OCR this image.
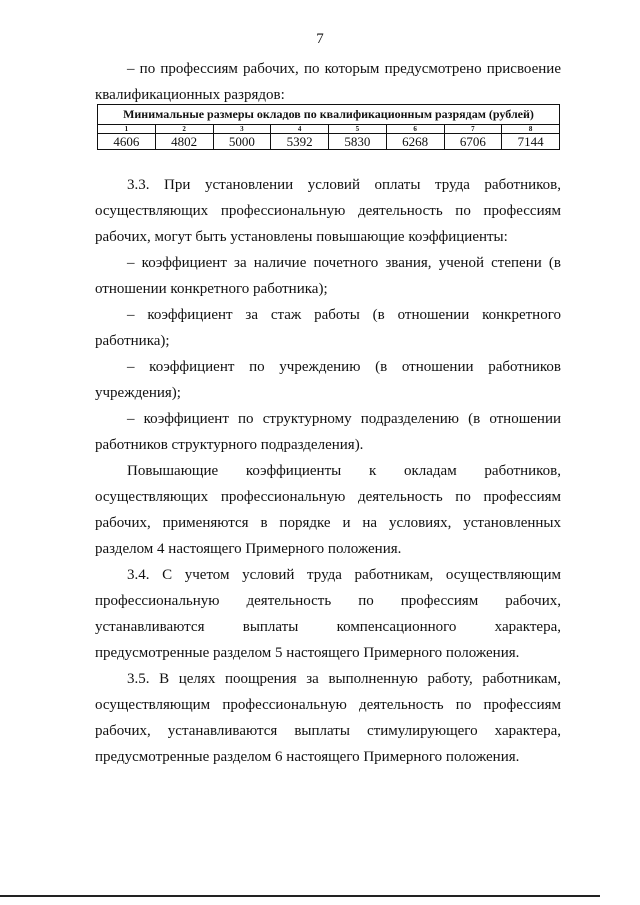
7

– по профессиям рабочих, по которым предусмотрено присвоение квалификационных разрядов:

Минимальные размеры окладов по квалификационным разрядам (рублей)							
1	2	3	4	5	6	7	8
4606	4802	5000	5392	5830	6268	6706	7144

3.3. При установлении условий оплаты труда работников, осуществляющих профессиональную деятельность по профессиям рабочих, могут быть установлены повышающие коэффициенты:

– коэффициент за наличие почетного звания, ученой степени (в отношении конкретного работника);

– коэффициент за стаж работы (в отношении конкретного работника);

– коэффициент по учреждению (в отношении работников учреждения);

– коэффициент по структурному подразделению (в отношении работников структурного подразделения).

Повышающие коэффициенты к окладам работников, осуществляющих профессиональную деятельность по профессиям рабочих, применяются в порядке и на условиях, установленных разделом 4 настоящего Примерного положения.

3.4. С учетом условий труда работникам, осуществляющим профессиональную деятельность по профессиям рабочих, устанавливаются выплаты компенсационного характера, предусмотренные разделом 5 настоящего Примерного положения.

3.5. В целях поощрения за выполненную работу, работникам, осуществляющим профессиональную деятельность по профессиям рабочих, устанавливаются выплаты стимулирующего характера, предусмотренные разделом 6 настоящего Примерного положения.
